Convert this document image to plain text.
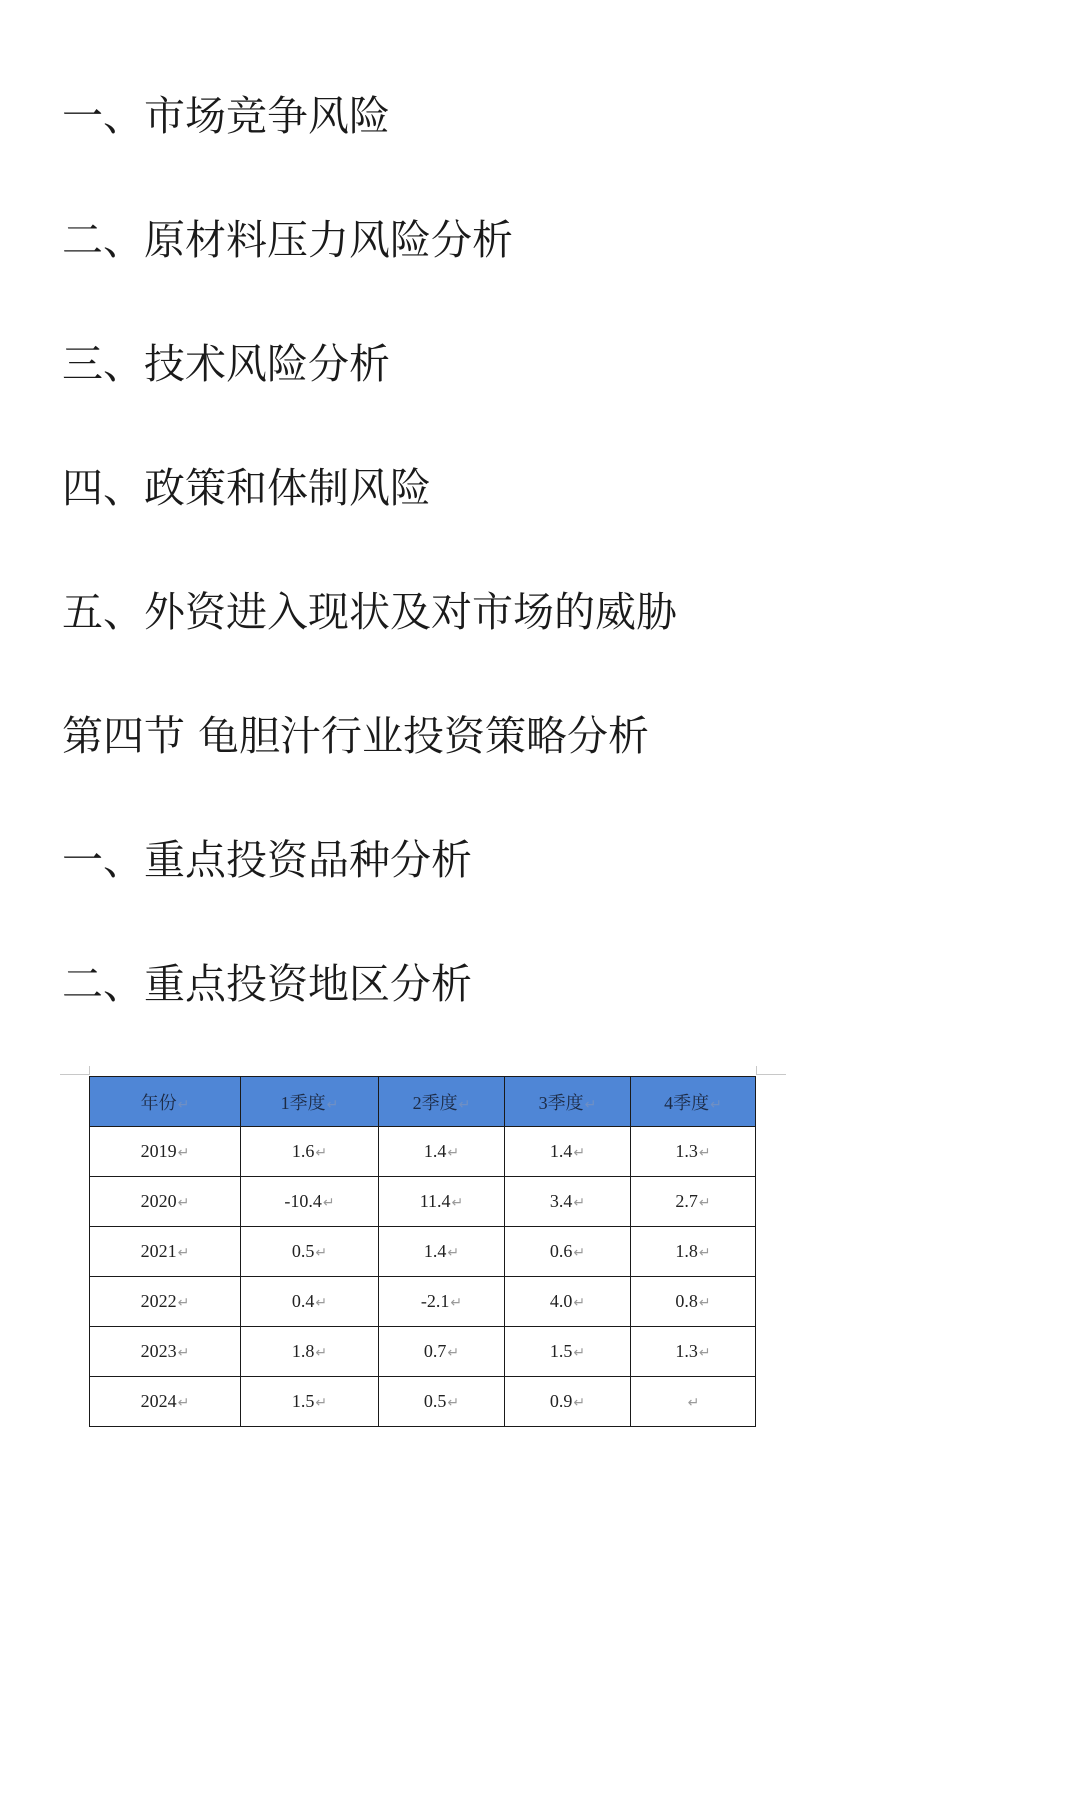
一、市场竞争风险
二、原材料压力风险分析
三、技术风险分析
四、政策和体制风险
五、外资进入现状及对市场的威胁
第四节 龟胆汁行业投资策略分析
一、重点投资品种分析
二、重点投资地区分析
年份↵	1季度↵	2季度↵	3季度↵	4季度↵
2019↵	1.6↵	1.4↵	1.4↵	1.3↵
2020↵	-10.4↵	11.4↵	3.4↵	2.7↵
2021↵	0.5↵	1.4↵	0.6↵	1.8↵
2022↵	0.4↵	-2.1↵	4.0↵	0.8↵
2023↵	1.8↵	0.7↵	1.5↵	1.3↵
2024↵	1.5↵	0.5↵	0.9↵	↵
